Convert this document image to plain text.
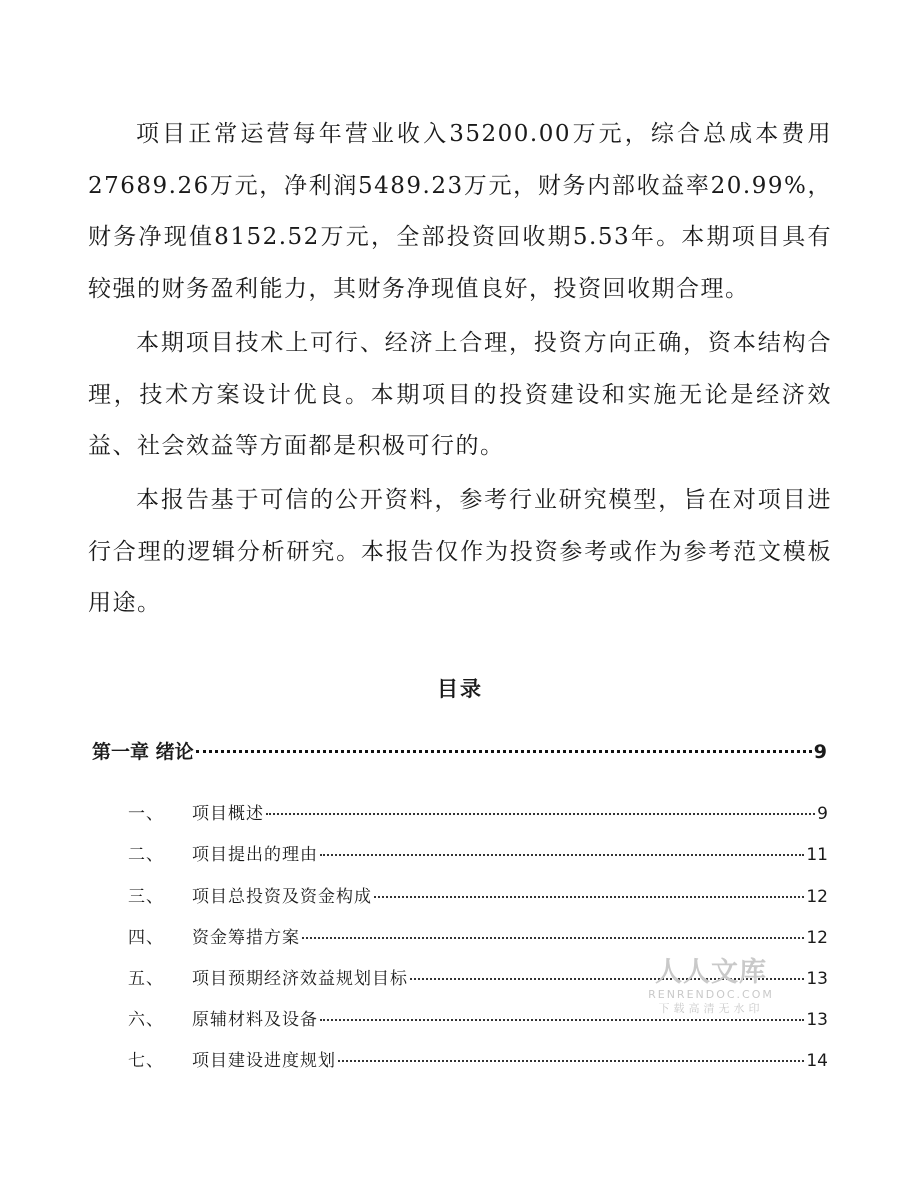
项目正常运营每年营业收入35200.00万元，综合总成本费用27689.26万元，净利润5489.23万元，财务内部收益率20.99%，财务净现值8152.52万元，全部投资回收期5.53年。本期项目具有较强的财务盈利能力，其财务净现值良好，投资回收期合理。

本期项目技术上可行、经济上合理，投资方向正确，资本结构合理，技术方案设计优良。本期项目的投资建设和实施无论是经济效益、社会效益等方面都是积极可行的。

本报告基于可信的公开资料，参考行业研究模型，旨在对项目进行合理的逻辑分析研究。本报告仅作为投资参考或作为参考范文模板用途。

目录
第一章 绪论	9
一、 项目概述	9
二、 项目提出的理由	11
三、 项目总投资及资金构成	12
四、 资金筹措方案	12
五、 项目预期经济效益规划目标	13
六、 原辅材料及设备	13
七、 项目建设进度规划	14
人人文库
RENRENDOC.COM
下载高清无水印
